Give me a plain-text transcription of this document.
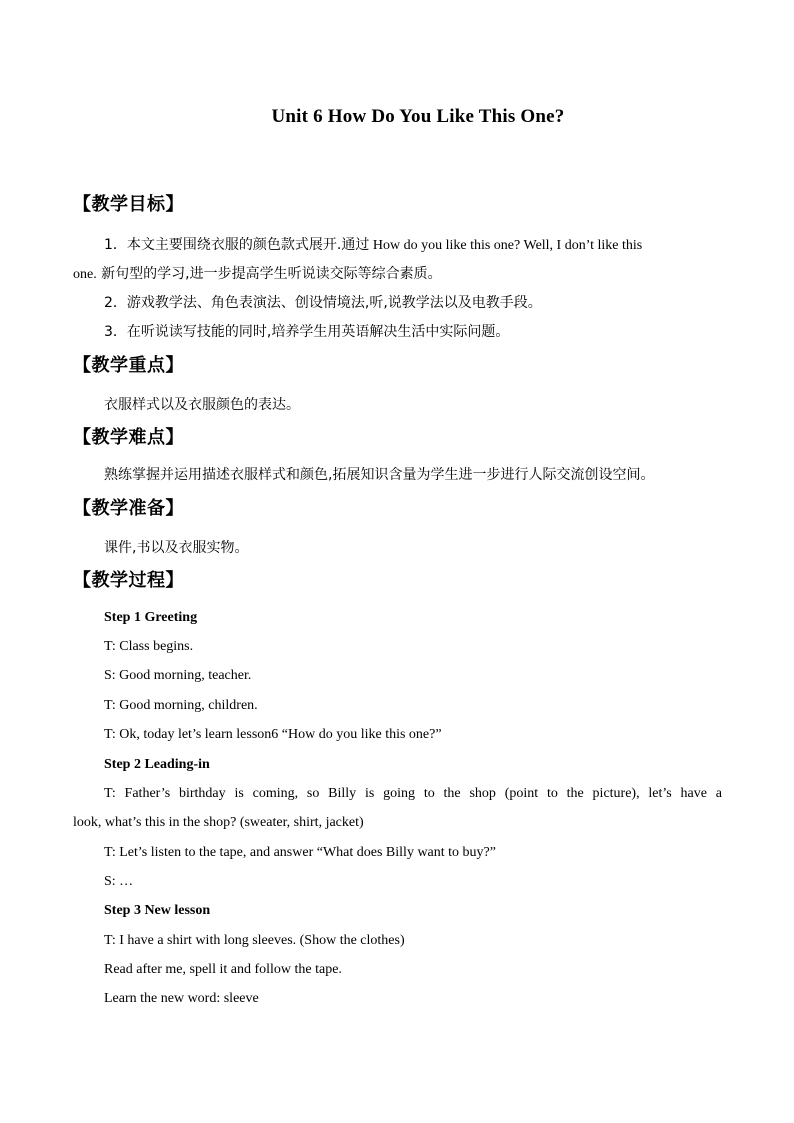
Unit 6 How Do You Like This One?
【教学目标】
1．本文主要围绕衣服的颜色款式展开.通过 How do you like this one? Well, I don’t like this
one. 新句型的学习,进一步提高学生听说读交际等综合素质。
2．游戏教学法、角色表演法、创设情境法,听,说教学法以及电教手段。
3．在听说读写技能的同时,培养学生用英语解决生活中实际问题。
【教学重点】
衣服样式以及衣服颜色的表达。
【教学难点】
熟练掌握并运用描述衣服样式和颜色,拓展知识含量为学生进一步进行人际交流创设空间。
【教学准备】
课件,书以及衣服实物。
【教学过程】
Step 1 Greeting
T: Class begins.
S: Good morning, teacher.
T: Good morning, children.
T: Ok, today let’s learn lesson6 “How do you like this one?”
Step 2 Leading-in
T: Father’s birthday is coming, so Billy is going to the shop (point to the picture), let’s have a
look, what’s this in the shop? (sweater, shirt, jacket)
T: Let’s listen to the tape, and answer “What does Billy want to buy?”
S: …
Step 3 New lesson
T: I have a shirt with long sleeves. (Show the clothes)
Read after me, spell it and follow the tape.
Learn the new word: sleeve
